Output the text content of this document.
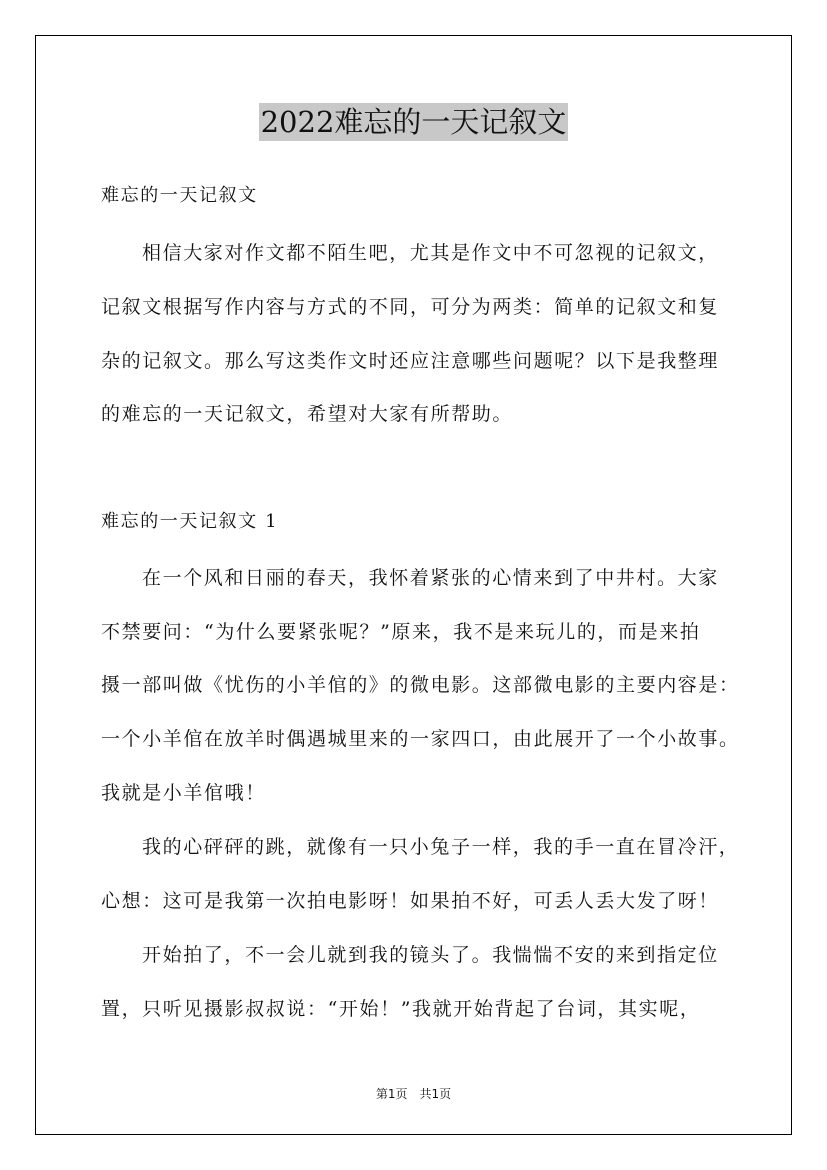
2022难忘的一天记叙文
难忘的一天记叙文
相信大家对作文都不陌生吧，尤其是作文中不可忽视的记叙文，
记叙文根据写作内容与方式的不同，可分为两类：简单的记叙文和复
杂的记叙文。那么写这类作文时还应注意哪些问题呢？以下是我整理
的难忘的一天记叙文，希望对大家有所帮助。
难忘的一天记叙文 1
在一个风和日丽的春天，我怀着紧张的心情来到了中井村。大家
不禁要问：“为什么要紧张呢？”原来，我不是来玩儿的，而是来拍
摄一部叫做《忧伤的小羊倌的》的微电影。这部微电影的主要内容是：
一个小羊倌在放羊时偶遇城里来的一家四口，由此展开了一个小故事。
我就是小羊倌哦！
我的心砰砰的跳，就像有一只小兔子一样，我的手一直在冒冷汗，
心想：这可是我第一次拍电影呀！如果拍不好，可丢人丢大发了呀！
开始拍了，不一会儿就到我的镜头了。我惴惴不安的来到指定位
置，只听见摄影叔叔说：“开始！”我就开始背起了台词，其实呢，
第1页　共1页
